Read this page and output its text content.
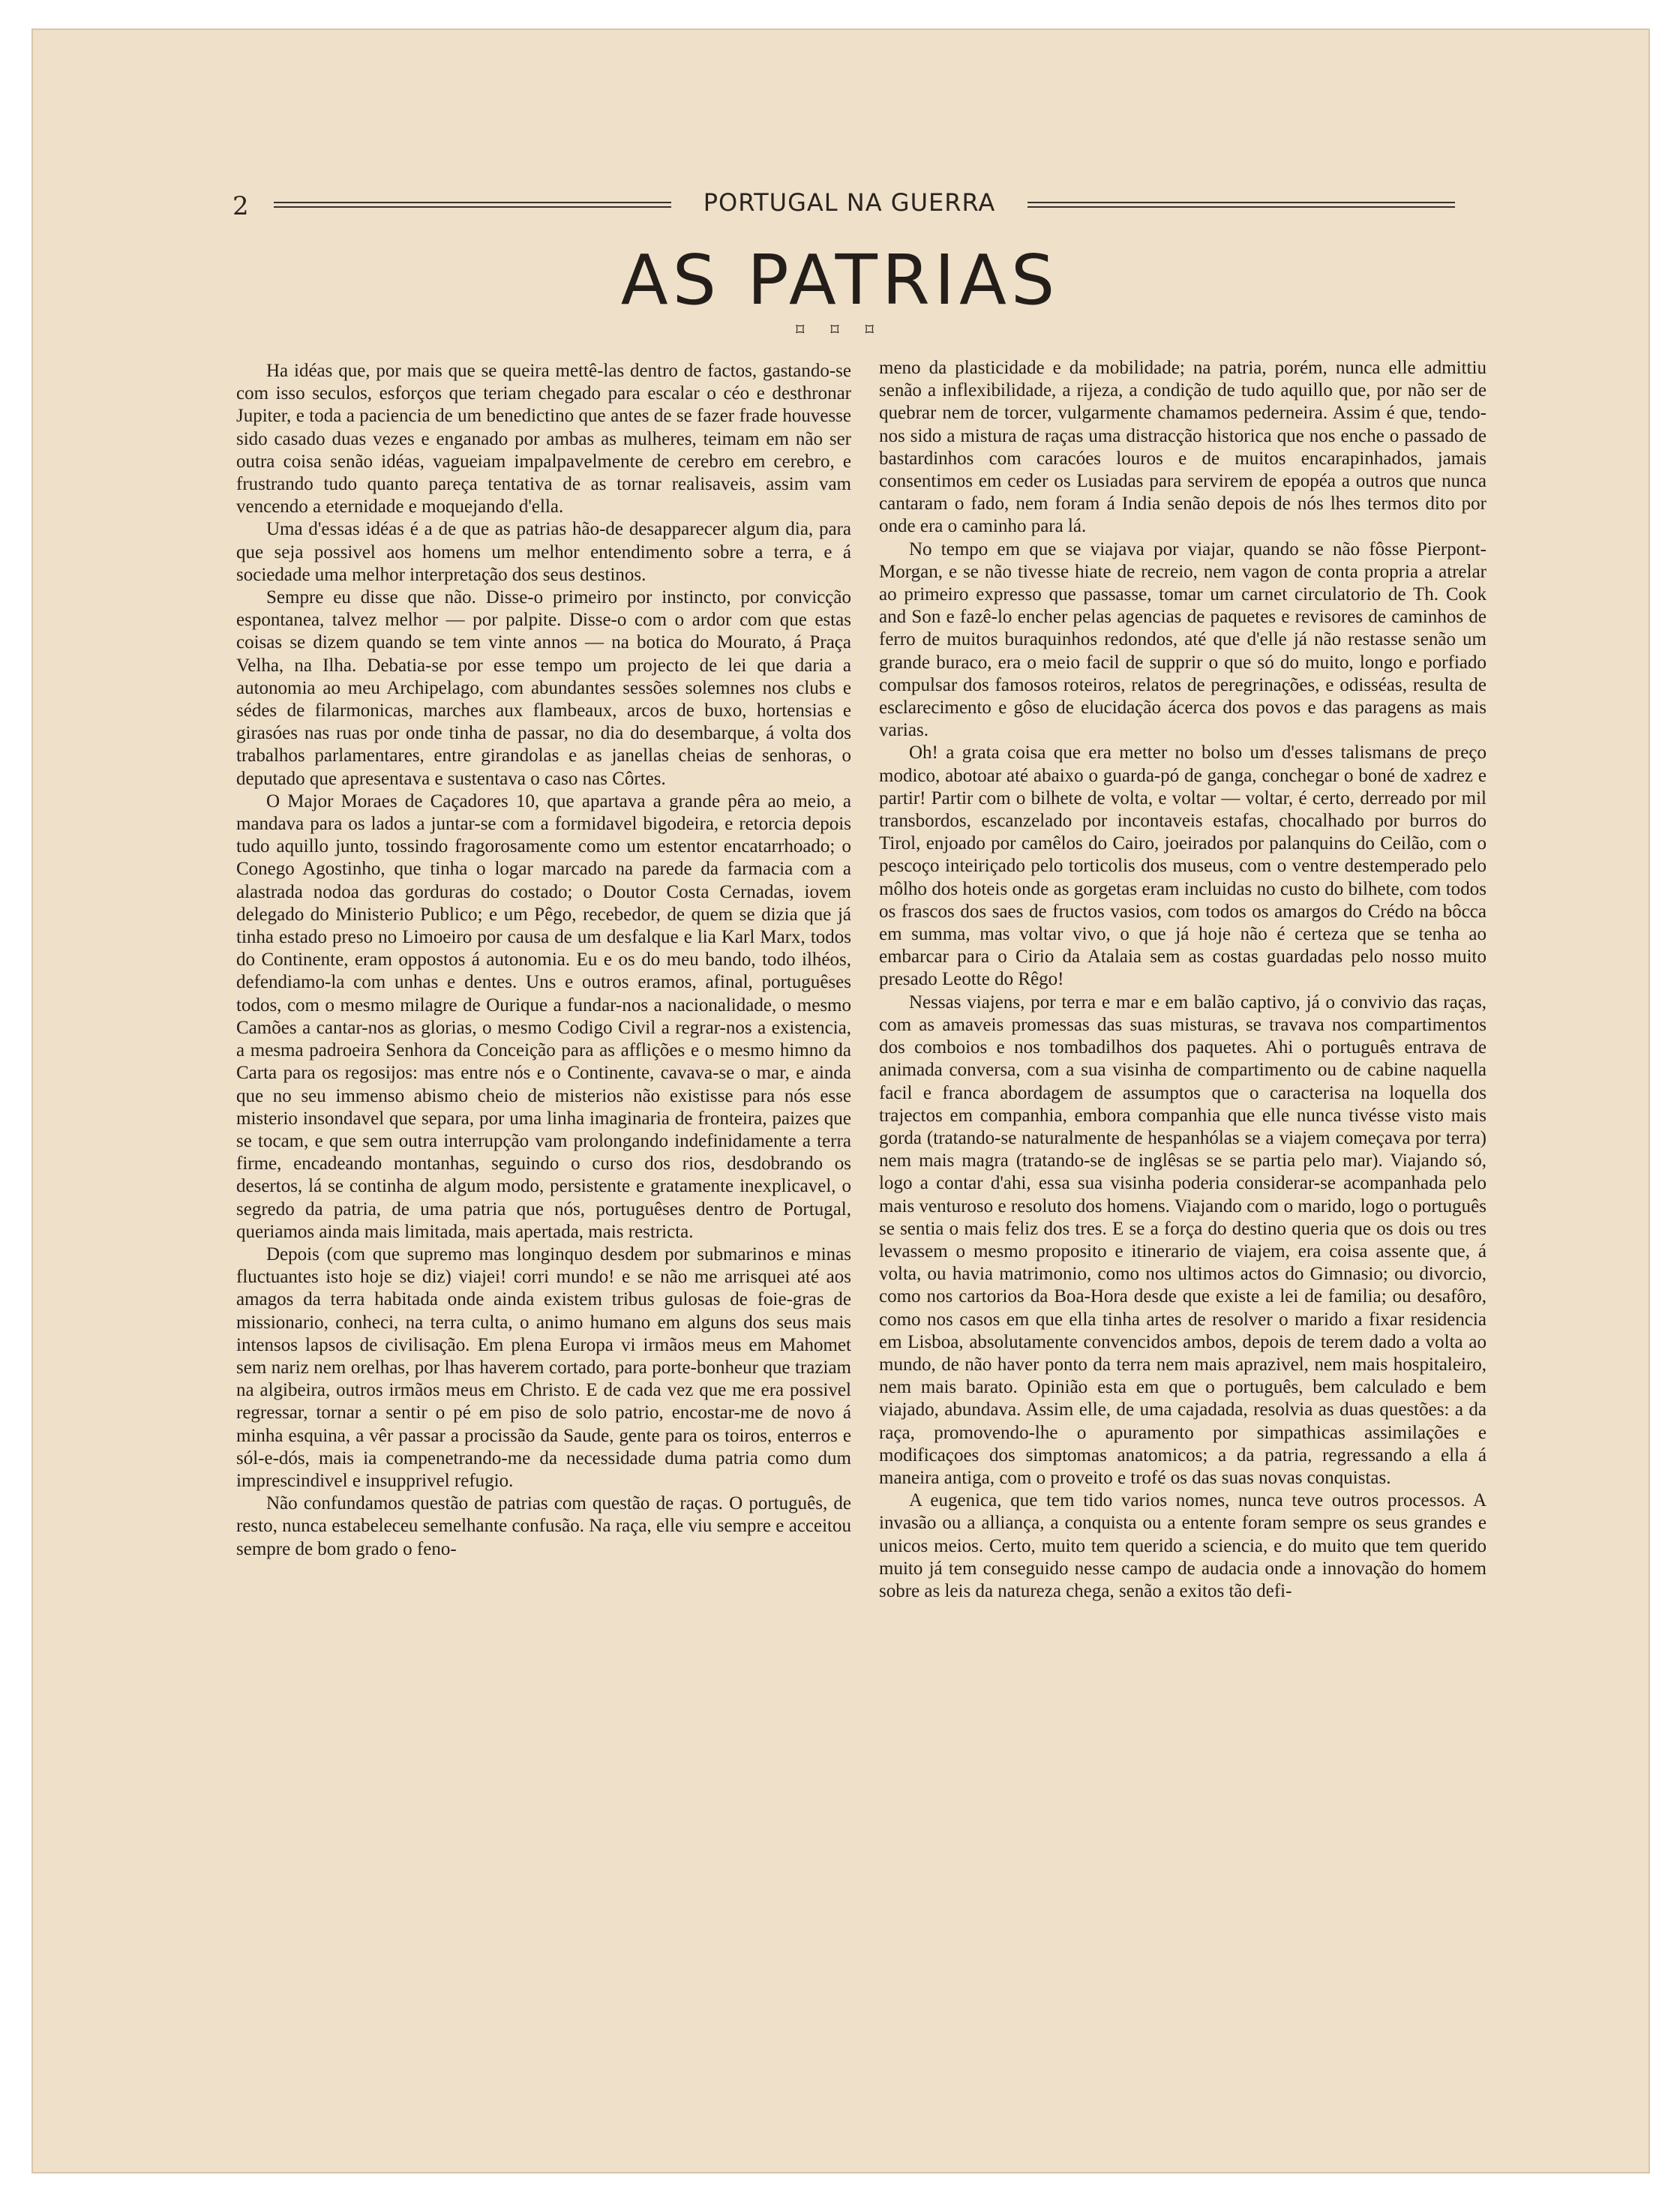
2	PORTUGAL NA GUERRA
AS PATRIAS
⌑ ⌑ ⌑

Ha idéas que, por mais que se queira mettê-las dentro de factos, gastando-se com isso seculos, esforços que teriam chegado para escalar o céo e desthronar Jupiter, e toda a paciencia de um benedictino que antes de se fazer frade houvesse sido casado duas vezes e enganado por ambas as mulheres, teimam em não ser outra coisa senão idéas, vagueiam impalpavelmente de cerebro em cerebro, e frustrando tudo quanto pareça tentativa de as tornar realisaveis, assim vam vencendo a eternidade e moquejando d'ella.

Uma d'essas idéas é a de que as patrias hão-de desapparecer algum dia, para que seja possivel aos homens um melhor entendimento sobre a terra, e á sociedade uma melhor interpretação dos seus destinos.

Sempre eu disse que não. Disse-o primeiro por instincto, por convicção espontanea, talvez melhor — por palpite. Disse-o com o ardor com que estas coisas se dizem quando se tem vinte annos — na botica do Mourato, á Praça Velha, na Ilha. Debatia-se por esse tempo um projecto de lei que daria a autonomia ao meu Archipelago, com abundantes sessões solemnes nos clubs e sédes de filarmonicas, marches aux flambeaux, arcos de buxo, hortensias e girasóes nas ruas por onde tinha de passar, no dia do desembarque, á volta dos trabalhos parlamentares, entre girandolas e as janellas cheias de senhoras, o deputado que apresentava e sustentava o caso nas Côrtes.

O Major Moraes de Caçadores 10, que apartava a grande pêra ao meio, a mandava para os lados a juntar-se com a formidavel bigodeira, e retorcia depois tudo aquillo junto, tossindo fragorosamente como um estentor encatarrhoado; o Conego Agostinho, que tinha o logar marcado na parede da farmacia com a alastrada nodoa das gorduras do costado; o Doutor Costa Cernadas, iovem delegado do Ministerio Publico; e um Pêgo, recebedor, de quem se dizia que já tinha estado preso no Limoeiro por causa de um desfalque e lia Karl Marx, todos do Continente, eram oppostos á autonomia. Eu e os do meu bando, todo ilhéos, defendiamo-la com unhas e dentes. Uns e outros eramos, afinal, portuguêses todos, com o mesmo milagre de Ourique a fundar-nos a nacionalidade, o mesmo Camões a cantar-nos as glorias, o mesmo Codigo Civil a regrar-nos a existencia, a mesma padroeira Senhora da Conceição para as afflições e o mesmo himno da Carta para os regosijos: mas entre nós e o Continente, cavava-se o mar, e ainda que no seu immenso abismo cheio de misterios não existisse para nós esse misterio insondavel que separa, por uma linha imaginaria de fronteira, paizes que se tocam, e que sem outra interrupção vam prolongando indefinidamente a terra firme, encadeando montanhas, seguindo o curso dos rios, desdobrando os desertos, lá se continha de algum modo, persistente e gratamente inexplicavel, o segredo da patria, de uma patria que nós, portuguêses dentro de Portugal, queriamos ainda mais limitada, mais apertada, mais restricta.

Depois (com que supremo mas longinquo desdem por submarinos e minas fluctuantes isto hoje se diz) viajei! corri mundo! e se não me arrisquei até aos amagos da terra habitada onde ainda existem tribus gulosas de foie-gras de missionario, conheci, na terra culta, o animo humano em alguns dos seus mais intensos lapsos de civilisação. Em plena Europa vi irmãos meus em Mahomet sem nariz nem orelhas, por lhas haverem cortado, para porte-bonheur que traziam na algibeira, outros irmãos meus em Christo. E de cada vez que me era possivel regressar, tornar a sentir o pé em piso de solo patrio, encostar-me de novo á minha esquina, a vêr passar a procissão da Saude, gente para os toiros, enterros e sól-e-dós, mais ia compenetrando-me da necessidade duma patria como dum imprescindivel e insupprivel refugio.

Não confundamos questão de patrias com questão de raças. O português, de resto, nunca estabeleceu semelhante confusão. Na raça, elle viu sempre e acceitou sempre de bom grado o feno-

meno da plasticidade e da mobilidade; na patria, porém, nunca elle admittiu senão a inflexibilidade, a rijeza, a condição de tudo aquillo que, por não ser de quebrar nem de torcer, vulgarmente chamamos pederneira. Assim é que, tendo-nos sido a mistura de raças uma distracção historica que nos enche o passado de bastardinhos com caracóes louros e de muitos encarapinhados, jamais consentimos em ceder os Lusiadas para servirem de epopéa a outros que nunca cantaram o fado, nem foram á India senão depois de nós lhes termos dito por onde era o caminho para lá.

No tempo em que se viajava por viajar, quando se não fôsse Pierpont-Morgan, e se não tivesse hiate de recreio, nem vagon de conta propria a atrelar ao primeiro expresso que passasse, tomar um carnet circulatorio de Th. Cook and Son e fazê-lo encher pelas agencias de paquetes e revisores de caminhos de ferro de muitos buraquinhos redondos, até que d'elle já não restasse senão um grande buraco, era o meio facil de supprir o que só do muito, longo e porfiado compulsar dos famosos roteiros, relatos de peregrinações, e odisséas, resulta de esclarecimento e gôso de elucidação ácerca dos povos e das paragens as mais varias.

Oh! a grata coisa que era metter no bolso um d'esses talismans de preço modico, abotoar até abaixo o guarda-pó de ganga, conchegar o boné de xadrez e partir! Partir com o bilhete de volta, e voltar — voltar, é certo, derreado por mil transbordos, escanzelado por incontaveis estafas, chocalhado por burros do Tirol, enjoado por camêlos do Cairo, joeirados por palanquins do Ceilão, com o pescoço inteiriçado pelo torticolis dos museus, com o ventre destemperado pelo môlho dos hoteis onde as gorgetas eram incluidas no custo do bilhete, com todos os frascos dos saes de fructos vasios, com todos os amargos do Crédo na bôcca em summa, mas voltar vivo, o que já hoje não é certeza que se tenha ao embarcar para o Cirio da Atalaia sem as costas guardadas pelo nosso muito presado Leotte do Rêgo!

Nessas viajens, por terra e mar e em balão captivo, já o convivio das raças, com as amaveis promessas das suas misturas, se travava nos compartimentos dos comboios e nos tombadilhos dos paquetes. Ahi o português entrava de animada conversa, com a sua visinha de compartimento ou de cabine naquella facil e franca abordagem de assumptos que o caracterisa na loquella dos trajectos em companhia, embora companhia que elle nunca tivésse visto mais gorda (tratando-se naturalmente de hespanhólas se a viajem começava por terra) nem mais magra (tratando-se de inglêsas se se partia pelo mar). Viajando só, logo a contar d'ahi, essa sua visinha poderia considerar-se acompanhada pelo mais venturoso e resoluto dos homens. Viajando com o marido, logo o português se sentia o mais feliz dos tres. E se a força do destino queria que os dois ou tres levassem o mesmo proposito e itinerario de viajem, era coisa assente que, á volta, ou havia matrimonio, como nos ultimos actos do Gimnasio; ou divorcio, como nos cartorios da Boa-Hora desde que existe a lei de familia; ou desafôro, como nos casos em que ella tinha artes de resolver o marido a fixar residencia em Lisboa, absolutamente convencidos ambos, depois de terem dado a volta ao mundo, de não haver ponto da terra nem mais aprazivel, nem mais hospitaleiro, nem mais barato. Opinião esta em que o português, bem calculado e bem viajado, abundava. Assim elle, de uma cajadada, resolvia as duas questões: a da raça, promovendo-lhe o apuramento por simpathicas assimilações e modificaçoes dos simptomas anatomicos; a da patria, regressando a ella á maneira antiga, com o proveito e trofé os das suas novas conquistas.

A eugenica, que tem tido varios nomes, nunca teve outros processos. A invasão ou a alliança, a conquista ou a entente foram sempre os seus grandes e unicos meios. Certo, muito tem querido a sciencia, e do muito que tem querido muito já tem conseguido nesse campo de audacia onde a innovação do homem sobre as leis da natureza chega, senão a exitos tão defi-
